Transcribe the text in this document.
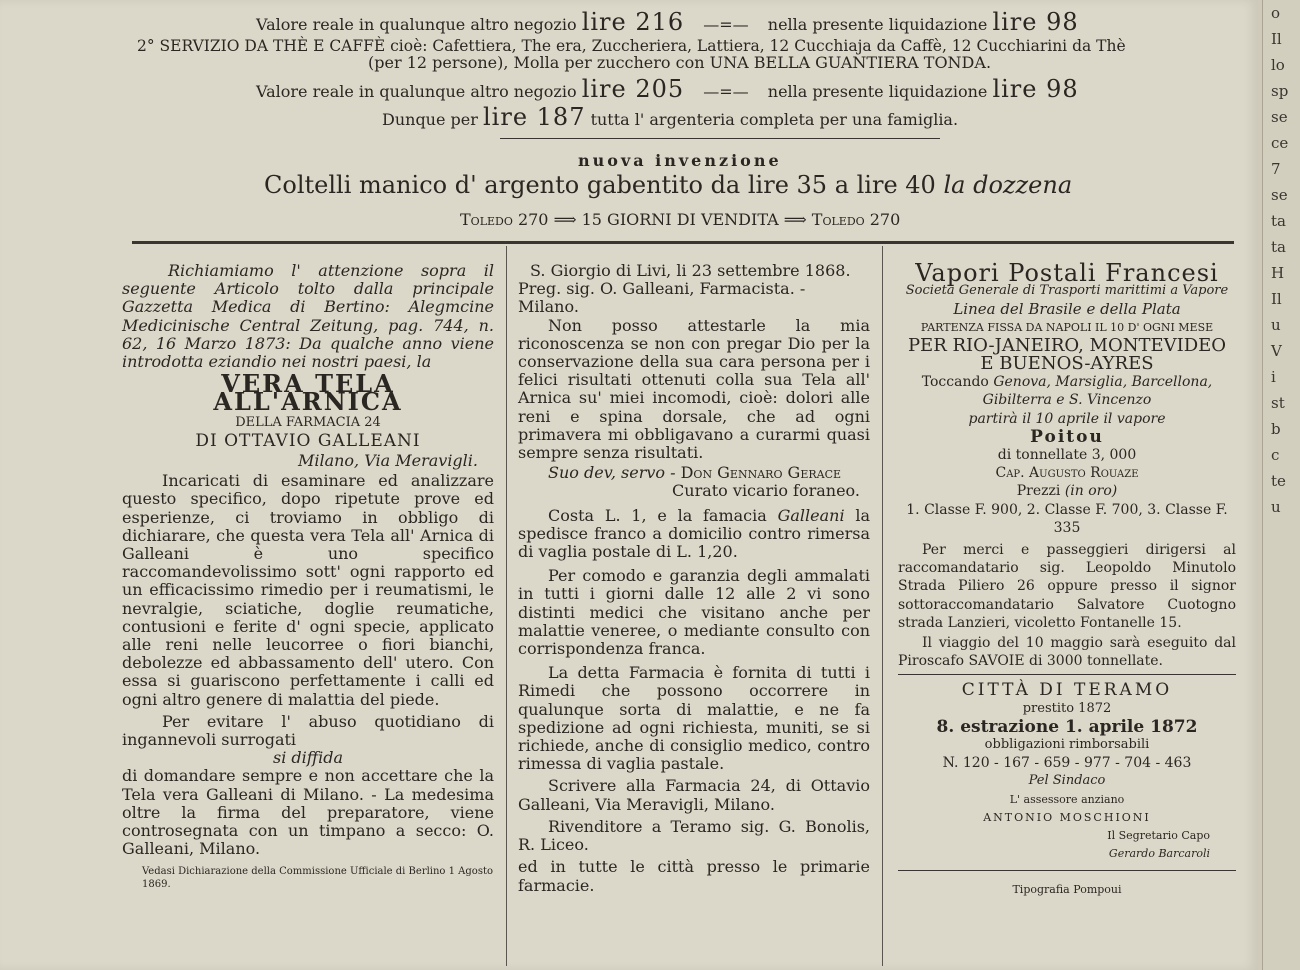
Valore reale in qualunque altro negozio lire 216 —=— nella presente liquidazione lire 98
2° SERVIZIO DA THÈ E CAFFÈ cioè: Cafettiera, The era, Zuccheriera, Lattiera, 12 Cucchiaja da Caffè, 12 Cucchiarini da Thè
(per 12 persone), Molla per zucchero con UNA BELLA GUANTIERA TONDA.
Valore reale in qualunque altro negozio lire 205 —=— nella presente liquidazione lire 98
Dunque per lire 187 tutta l' argenteria completa per una famiglia.
nuova invenzione
Coltelli manico d' argento gabentito da lire 35 a lire 40 la dozzena
Toledo 270 ⟹ 15 GIORNI DI VENDITA ⟹ Toledo 270

Richiamiamo l' attenzione sopra il seguente Articolo tolto dalla principale Gazzetta Medica di Bertino: Alegmcine Medicinische Central Zeitung, pag. 744, n. 62, 16 Marzo 1873: Da qualche anno viene introdotta eziandio nei nostri paesi, la

VERA TELA ALL'ARNICA
DELLA FARMACIA 24
DI OTTAVIO GALLEANI
Milano, Via Meravigli.

Incaricati di esaminare ed analizzare questo specifico, dopo ripetute prove ed esperienze, ci troviamo in obbligo di dichiarare, che questa vera Tela all' Arnica di Galleani è uno specifico raccomandevolissimo sott' ogni rapporto ed un efficacissimo rimedio per i reumatismi, le nevralgie, sciatiche, doglie reumatiche, contusioni e ferite d' ogni specie, applicato alle reni nelle leucorree o fiori bianchi, debolezze ed abbassamento dell' utero. Con essa si guariscono perfettamente i calli ed ogni altro genere di malattia del piede.

Per evitare l' abuso quotidiano di ingannevoli surrogati

si diffida

di domandare sempre e non accettare che la Tela vera Galleani di Milano. - La medesima oltre la firma del preparatore, viene controsegnata con un timpano a secco: O. Galleani, Milano.

Vedasi Dichiarazione della Commissione Ufficiale di Berlino 1 Agosto 1869.

S. Giorgio di Livi, li 23 settembre 1868.

Preg. sig. O. Galleani, Farmacista. - Milano.

Non posso attestarle la mia riconoscenza se non con pregar Dio per la conservazione della sua cara persona per i felici risultati ottenuti colla sua Tela all' Arnica su' miei incomodi, cioè: dolori alle reni e spina dorsale, che ad ogni primavera mi obbligavano a curarmi quasi sempre senza risultati.

Suo dev, servo - Don Gennaro Gerace

Curato vicario foraneo.

Costa L. 1, e la famacia Galleani la spedisce franco a domicilio contro rimersa di vaglia postale di L. 1,20.

Per comodo e garanzia degli ammalati in tutti i giorni dalle 12 alle 2 vi sono distinti medici che visitano anche per malattie veneree, o mediante consulto con corrispondenza franca.

La detta Farmacia è fornita di tutti i Rimedi che possono occorrere in qualunque sorta di malattie, e ne fa spedizione ad ogni richiesta, muniti, se si richiede, anche di consiglio medico, contro rimessa di vaglia pastale.

Scrivere alla Farmacia 24, di Ottavio Galleani, Via Meravigli, Milano.

Rivenditore a Teramo sig. G. Bonolis, R. Liceo.

ed in tutte le città presso le primarie farmacie.

Vapori Postali Francesi
Società Generale di Trasporti marittimi a Vapore
Linea del Brasile e della Plata
PARTENZA FISSA DA NAPOLI IL 10 D' OGNI MESE
PER RIO-JANEIRO, MONTEVIDEO
E BUENOS-AYRES
Toccando Genova, Marsiglia, Barcellona, Gibilterra e S. Vincenzo
partirà il 10 aprile il vapore
Poitou
di tonnellate 3, 000
Cap. Augusto Rouaze
Prezzi (in oro)
1. Classe F. 900, 2. Classe F. 700, 3. Classe F. 335

Per merci e passeggieri dirigersi al raccomandatario sig. Leopoldo Minutolo Strada Piliero 26 oppure presso il signor sottoraccomandatario Salvatore Cuotogno strada Lanzieri, vicoletto Fontanelle 15.

Il viaggio del 10 maggio sarà eseguito dal Piroscafo SAVOIE di 3000 tonnellate.

CITTÀ DI TERAMO
prestito 1872
8. estrazione 1. aprile 1872
obbligazioni rimborsabili
N. 120 - 167 - 659 - 977 - 704 - 463
Pel Sindaco
L' assessore anziano
ANTONIO MOSCHIONI
Il Segretario Capo
Gerardo Barcaroli
Tipografia Pompoui
o
Il
lo
sp
se
ce
7
se
ta
ta
H
Il
u
V
i
st
b
c
te
u
